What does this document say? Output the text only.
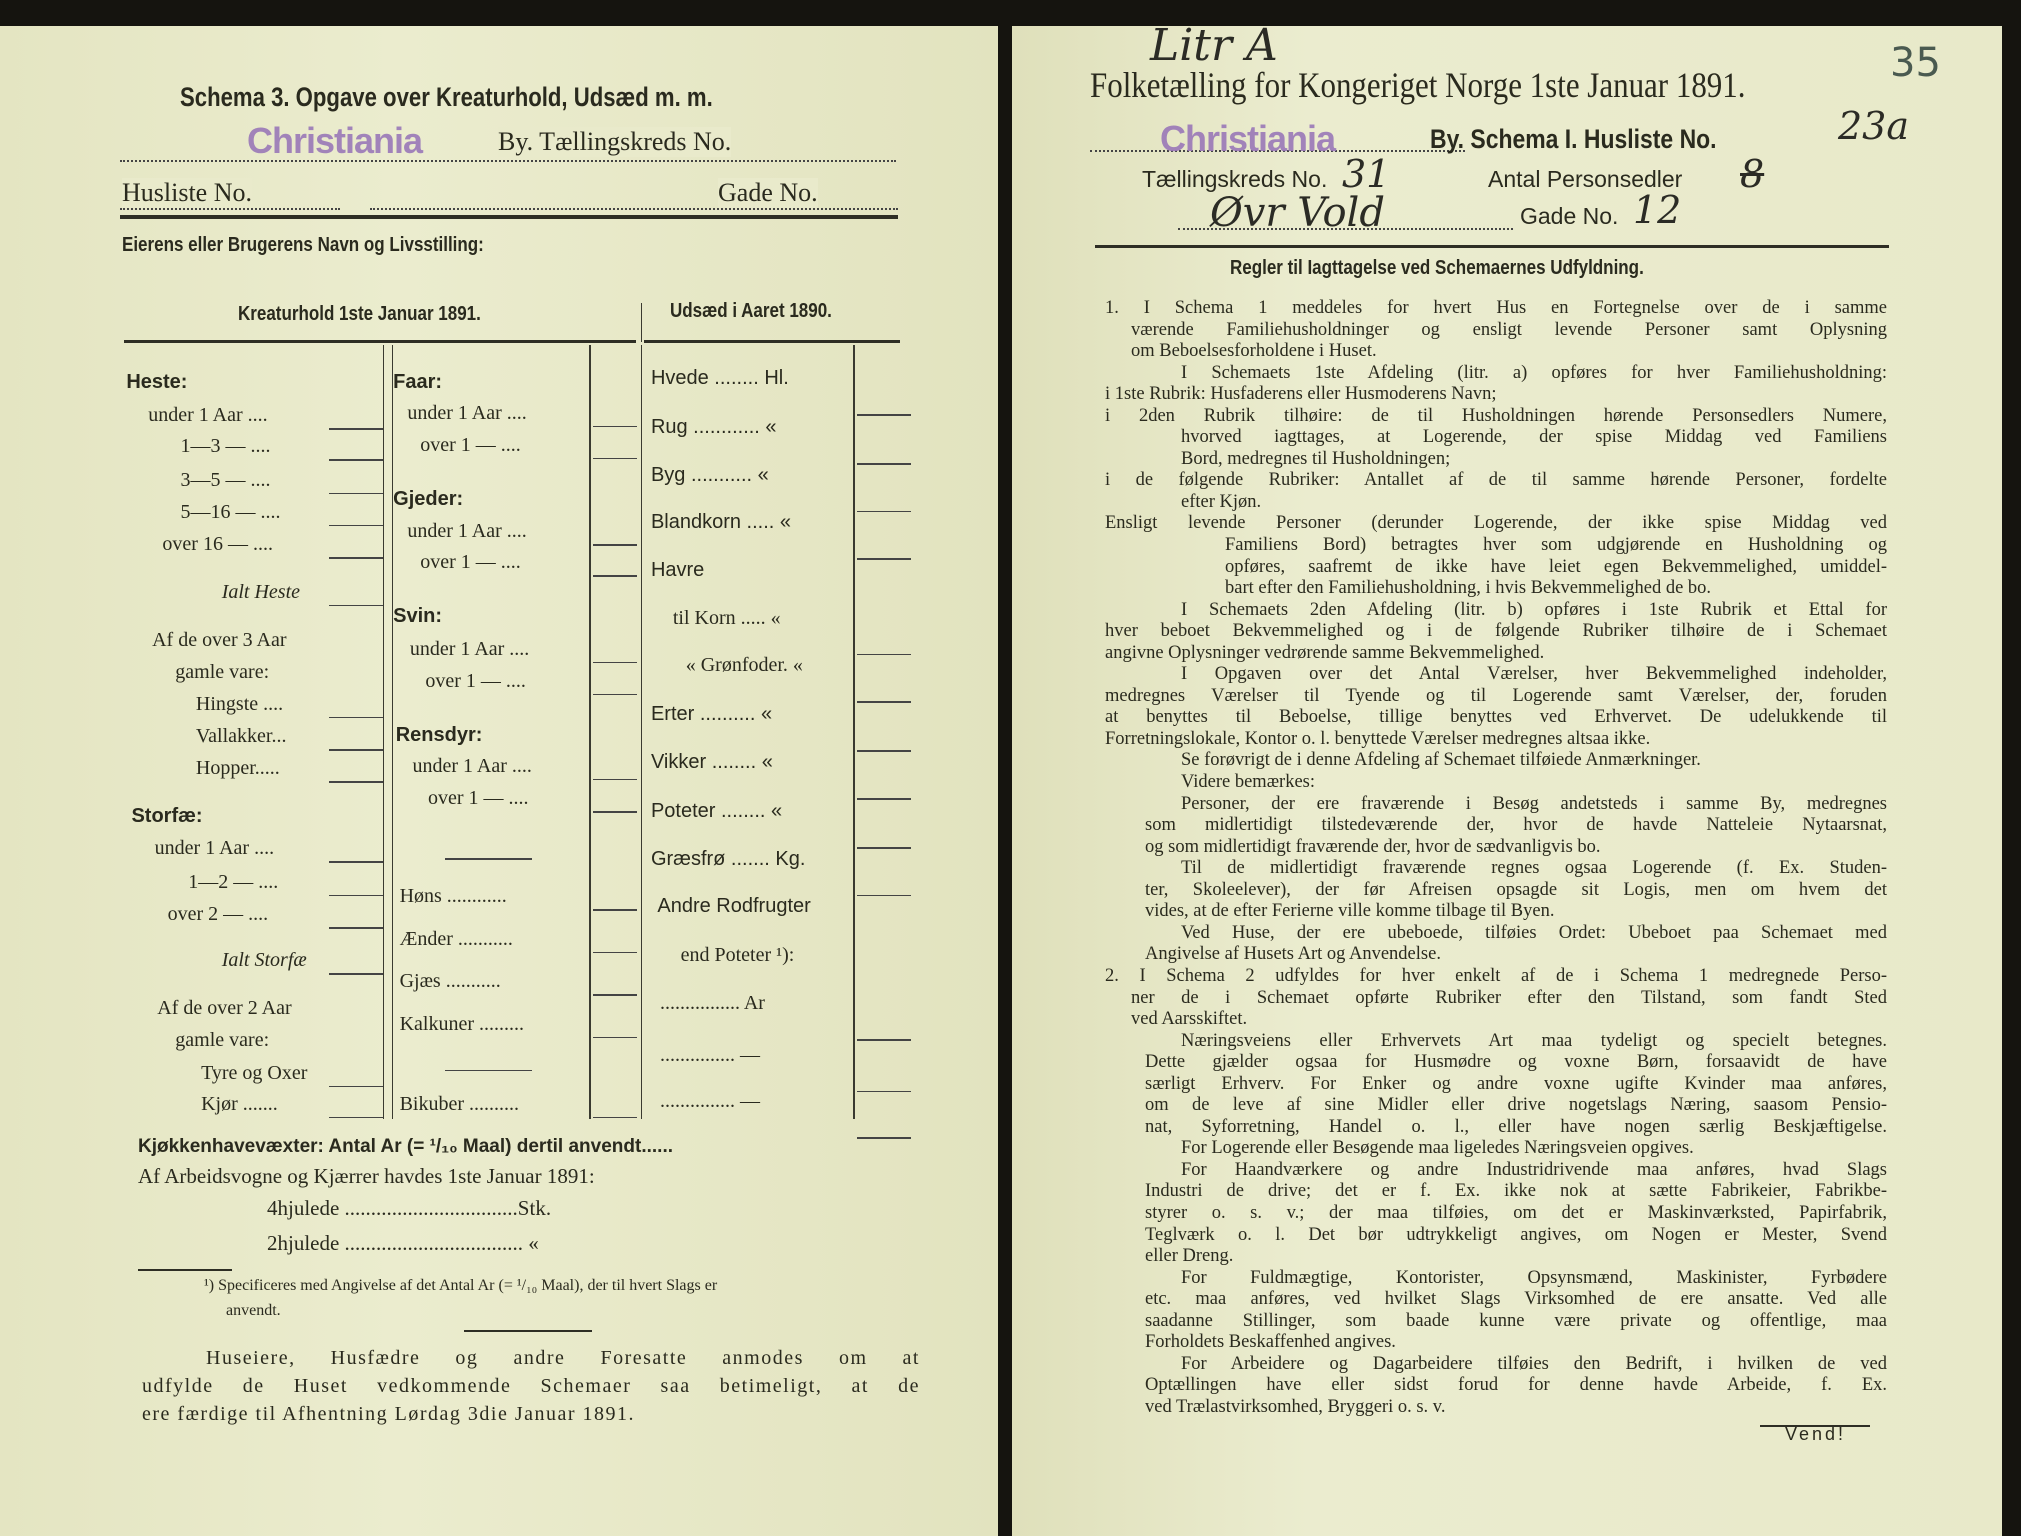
Schema 3. Opgave over Kreaturhold, Udsæd m. m.
Christiania	By. Tællingskreds No.
Husliste No.	Gade No.
Eierens eller Brugerens Navn og Livsstilling:
Kreaturhold 1ste Januar 1891.	Udsæd i Aaret 1890.
Heste:
under 1 Aar ....
1—3 — ....
3—5 — ....
5—16 — ....
over 16 — ....
Ialt Heste
Af de over 3 Aar
gamle vare:
Hingste ....
Vallakker...
Hopper.....
Storfæ:
under 1 Aar ....
1—2 — ....
over 2 — ....
Ialt Storfæ
Af de over 2 Aar
gamle vare:
Tyre og Oxer
Kjør .......
Faar:
under 1 Aar ....
over 1 — ....
Gjeder:
under 1 Aar ....
over 1 — ....
Svin:
under 1 Aar ....
over 1 — ....
Rensdyr:
under 1 Aar ....
over 1 — ....
Høns ............
Ænder ...........
Gjæs ...........
Kalkuner .........
Bikuber ..........
Hvede ........ Hl.
Rug ............ «
Byg ........... «
Blandkorn ..... «
Havre
til Korn ..... «
« Grønfoder. «
Erter .......... «
Vikker ........ «
Poteter ........ «
Græsfrø ....... Kg.
Andre Rodfrugter
end Poteter ¹):
................ Ar
............... —
............... —
Kjøkkenhavevæxter: Antal Ar (= ¹/₁₀ Maal) dertil anvendt......
Af Arbeidsvogne og Kjærrer havdes 1ste Januar 1891:
4hjulede .................................Stk.
2hjulede .................................. «
¹) Specificeres med Angivelse af det Antal Ar (= ¹/₁₀ Maal), der til hvert Slags er
anvendt.
Huseiere, Husfædre og andre Foresatte anmodes om at
udfylde de Huset vedkommende Schemaer saa betimeligt, at de
ere færdige til Afhentning Lørdag 3die Januar 1891.
Litr A	35
Folketælling for Kongeriget Norge 1ste Januar 1891.
Christiania	By. Schema I. Husliste No.	23a
Tællingskreds No. 31	Antal Personsedler 8
Øvr Vold	Gade No. 12
Regler til Iagttagelse ved Schemaernes Udfyldning.
1. I Schema 1 meddeles for hvert Hus en Fortegnelse over de i samme
værende Familiehusholdninger og ensligt levende Personer samt Oplysning
om Beboelsesforholdene i Huset.
I Schemaets 1ste Afdeling (litr. a) opføres for hver Familiehusholdning:
i 1ste Rubrik: Husfaderens eller Husmoderens Navn;
i 2den Rubrik tilhøire: de til Husholdningen hørende Personsedlers Numere,
hvorved iagttages, at Logerende, der spise Middag ved Familiens
Bord, medregnes til Husholdningen;
i de følgende Rubriker: Antallet af de til samme hørende Personer, fordelte
efter Kjøn.
Ensligt levende Personer (derunder Logerende, der ikke spise Middag ved
Familiens Bord) betragtes hver som udgjørende en Husholdning og
opføres, saafremt de ikke have leiet egen Bekvemmelighed, umiddel-
bart efter den Familiehusholdning, i hvis Bekvemmelighed de bo.
I Schemaets 2den Afdeling (litr. b) opføres i 1ste Rubrik et Ettal for
hver beboet Bekvemmelighed og i de følgende Rubriker tilhøire de i Schemaet
angivne Oplysninger vedrørende samme Bekvemmelighed.
I Opgaven over det Antal Værelser, hver Bekvemmelighed indeholder,
medregnes Værelser til Tyende og til Logerende samt Værelser, der, foruden
at benyttes til Beboelse, tillige benyttes ved Erhvervet. De udelukkende til
Forretningslokale, Kontor o. l. benyttede Værelser medregnes altsaa ikke.
Se forøvrigt de i denne Afdeling af Schemaet tilføiede Anmærkninger.
Videre bemærkes:
Personer, der ere fraværende i Besøg andetsteds i samme By, medregnes
som midlertidigt tilstedeværende der, hvor de havde Natteleie Nytaarsnat,
og som midlertidigt fraværende der, hvor de sædvanligvis bo.
Til de midlertidigt fraværende regnes ogsaa Logerende (f. Ex. Studen-
ter, Skoleelever), der før Afreisen opsagde sit Logis, men om hvem det
vides, at de efter Ferierne ville komme tilbage til Byen.
Ved Huse, der ere ubeboede, tilføies Ordet: Ubeboet paa Schemaet med
Angivelse af Husets Art og Anvendelse.
2. I Schema 2 udfyldes for hver enkelt af de i Schema 1 medregnede Perso-
ner de i Schemaet opførte Rubriker efter den Tilstand, som fandt Sted
ved Aarsskiftet.
Næringsveiens eller Erhvervets Art maa tydeligt og specielt betegnes.
Dette gjælder ogsaa for Husmødre og voxne Børn, forsaavidt de have
særligt Erhverv. For Enker og andre voxne ugifte Kvinder maa anføres,
om de leve af sine Midler eller drive nogetslags Næring, saasom Pensio-
nat, Syforretning, Handel o. l., eller have nogen særlig Beskjæftigelse.
For Logerende eller Besøgende maa ligeledes Næringsveien opgives.
For Haandværkere og andre Industridrivende maa anføres, hvad Slags
Industri de drive; det er f. Ex. ikke nok at sætte Fabrikeier, Fabrikbe-
styrer o. s. v.; der maa tilføies, om det er Maskinværksted, Papirfabrik,
Teglværk o. l. Det bør udtrykkeligt angives, om Nogen er Mester, Svend
eller Dreng.
For Fuldmægtige, Kontorister, Opsynsmænd, Maskinister, Fyrbødere
etc. maa anføres, ved hvilket Slags Virksomhed de ere ansatte. Ved alle
saadanne Stillinger, som baade kunne være private og offentlige, maa
Forholdets Beskaffenhed angives.
For Arbeidere og Dagarbeidere tilføies den Bedrift, i hvilken de ved
Optællingen have eller sidst forud for denne havde Arbeide, f. Ex.
ved Trælastvirksomhed, Bryggeri o. s. v.
Vend!
